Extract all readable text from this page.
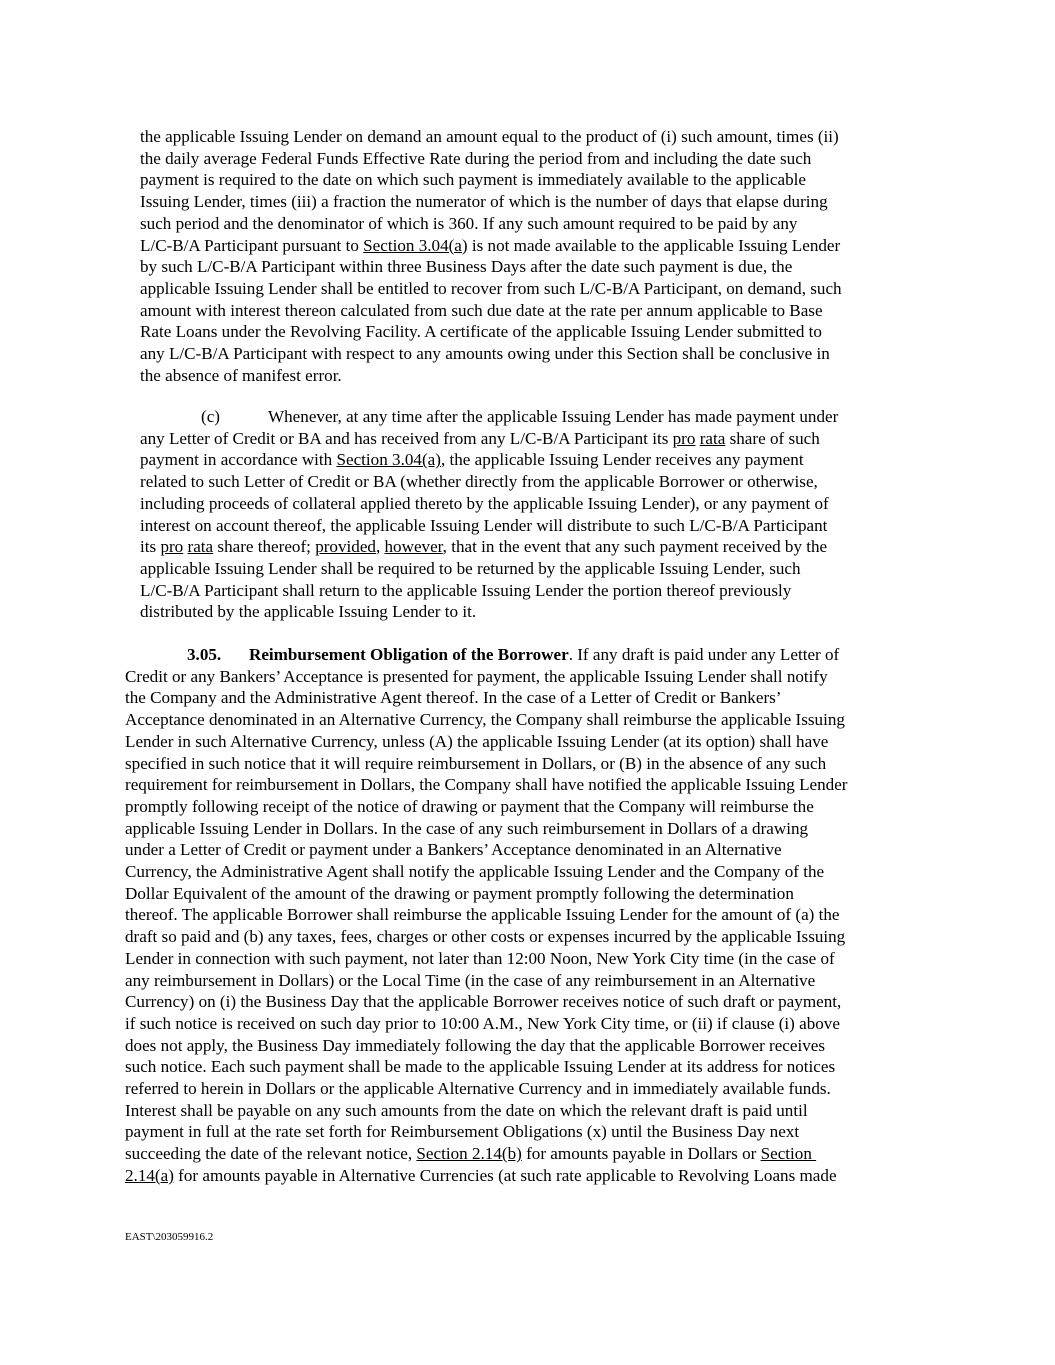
the applicable Issuing Lender on demand an amount equal to the product of (i) such amount, times (ii)
the daily average Federal Funds Effective Rate during the period from and including the date such
payment is required to the date on which such payment is immediately available to the applicable
Issuing Lender, times (iii) a fraction the numerator of which is the number of days that elapse during
such period and the denominator of which is 360. If any such amount required to be paid by any
L/C-B/A Participant pursuant to Section 3.04(a) is not made available to the applicable Issuing Lender
by such L/C-B/A Participant within three Business Days after the date such payment is due, the
applicable Issuing Lender shall be entitled to recover from such L/C-B/A Participant, on demand, such
amount with interest thereon calculated from such due date at the rate per annum applicable to Base
Rate Loans under the Revolving Facility. A certificate of the applicable Issuing Lender submitted to
any L/C-B/A Participant with respect to any amounts owing under this Section shall be conclusive in
the absence of manifest error.
(c)	Whenever, at any time after the applicable Issuing Lender has made payment under
any Letter of Credit or BA and has received from any L/C-B/A Participant its pro rata share of such
payment in accordance with Section 3.04(a), the applicable Issuing Lender receives any payment
related to such Letter of Credit or BA (whether directly from the applicable Borrower or otherwise,
including proceeds of collateral applied thereto by the applicable Issuing Lender), or any payment of
interest on account thereof, the applicable Issuing Lender will distribute to such L/C-B/A Participant
its pro rata share thereof; provided, however, that in the event that any such payment received by the
applicable Issuing Lender shall be required to be returned by the applicable Issuing Lender, such
L/C-B/A Participant shall return to the applicable Issuing Lender the portion thereof previously
distributed by the applicable Issuing Lender to it.
3.05. Reimbursement Obligation of the Borrower. If any draft is paid under any Letter of
Credit or any Bankers’ Acceptance is presented for payment, the applicable Issuing Lender shall notify
the Company and the Administrative Agent thereof. In the case of a Letter of Credit or Bankers’
Acceptance denominated in an Alternative Currency, the Company shall reimburse the applicable Issuing
Lender in such Alternative Currency, unless (A) the applicable Issuing Lender (at its option) shall have
specified in such notice that it will require reimbursement in Dollars, or (B) in the absence of any such
requirement for reimbursement in Dollars, the Company shall have notified the applicable Issuing Lender
promptly following receipt of the notice of drawing or payment that the Company will reimburse the
applicable Issuing Lender in Dollars. In the case of any such reimbursement in Dollars of a drawing
under a Letter of Credit or payment under a Bankers’ Acceptance denominated in an Alternative
Currency, the Administrative Agent shall notify the applicable Issuing Lender and the Company of the
Dollar Equivalent of the amount of the drawing or payment promptly following the determination
thereof. The applicable Borrower shall reimburse the applicable Issuing Lender for the amount of (a) the
draft so paid and (b) any taxes, fees, charges or other costs or expenses incurred by the applicable Issuing
Lender in connection with such payment, not later than 12:00 Noon, New York City time (in the case of
any reimbursement in Dollars) or the Local Time (in the case of any reimbursement in an Alternative
Currency) on (i) the Business Day that the applicable Borrower receives notice of such draft or payment,
if such notice is received on such day prior to 10:00 A.M., New York City time, or (ii) if clause (i) above
does not apply, the Business Day immediately following the day that the applicable Borrower receives
such notice. Each such payment shall be made to the applicable Issuing Lender at its address for notices
referred to herein in Dollars or the applicable Alternative Currency and in immediately available funds.
Interest shall be payable on any such amounts from the date on which the relevant draft is paid until
payment in full at the rate set forth for Reimbursement Obligations (x) until the Business Day next
succeeding the date of the relevant notice, Section 2.14(b) for amounts payable in Dollars or Section
2.14(a) for amounts payable in Alternative Currencies (at such rate applicable to Revolving Loans made
EAST\203059916.2
